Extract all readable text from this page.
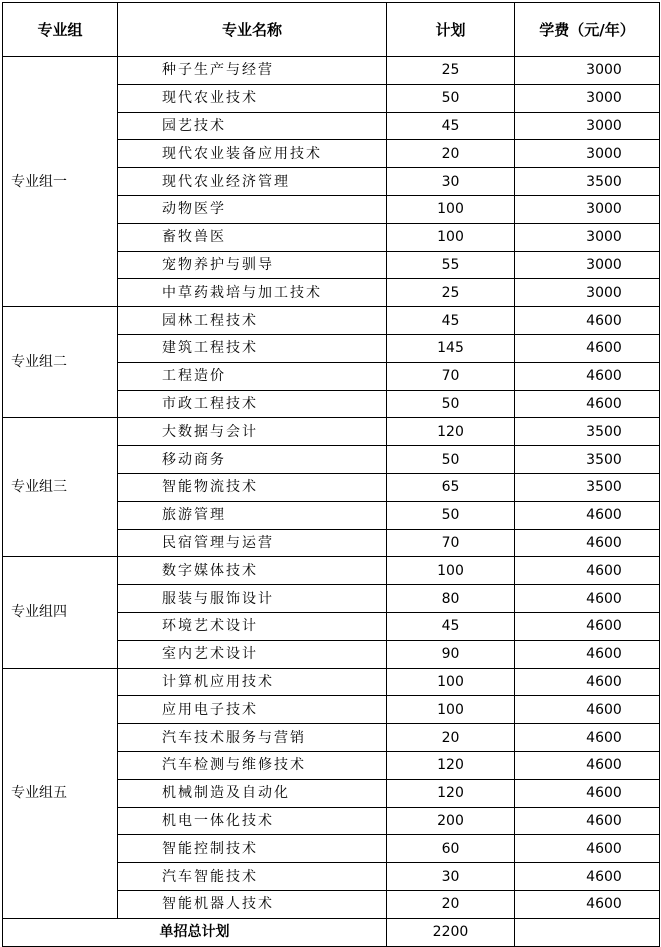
专业组	专业名称	计划	学费（元/年）
专业组一	种子生产与经营	25	3000
	现代农业技术	50	3000
	园艺技术	45	3000
	现代农业装备应用技术	20	3000
	现代农业经济管理	30	3500
	动物医学	100	3000
	畜牧兽医	100	3000
	宠物养护与驯导	55	3000
	中草药栽培与加工技术	25	3000
专业组二	园林工程技术	45	4600
	建筑工程技术	145	4600
	工程造价	70	4600
	市政工程技术	50	4600
专业组三	大数据与会计	120	3500
	移动商务	50	3500
	智能物流技术	65	3500
	旅游管理	50	4600
	民宿管理与运营	70	4600
专业组四	数字媒体技术	100	4600
	服装与服饰设计	80	4600
	环境艺术设计	45	4600
	室内艺术设计	90	4600
专业组五	计算机应用技术	100	4600
	应用电子技术	100	4600
	汽车技术服务与营销	20	4600
	汽车检测与维修技术	120	4600
	机械制造及自动化	120	4600
	机电一体化技术	200	4600
	智能控制技术	60	4600
	汽车智能技术	30	4600
	智能机器人技术	20	4600
单招总计划		2200	
